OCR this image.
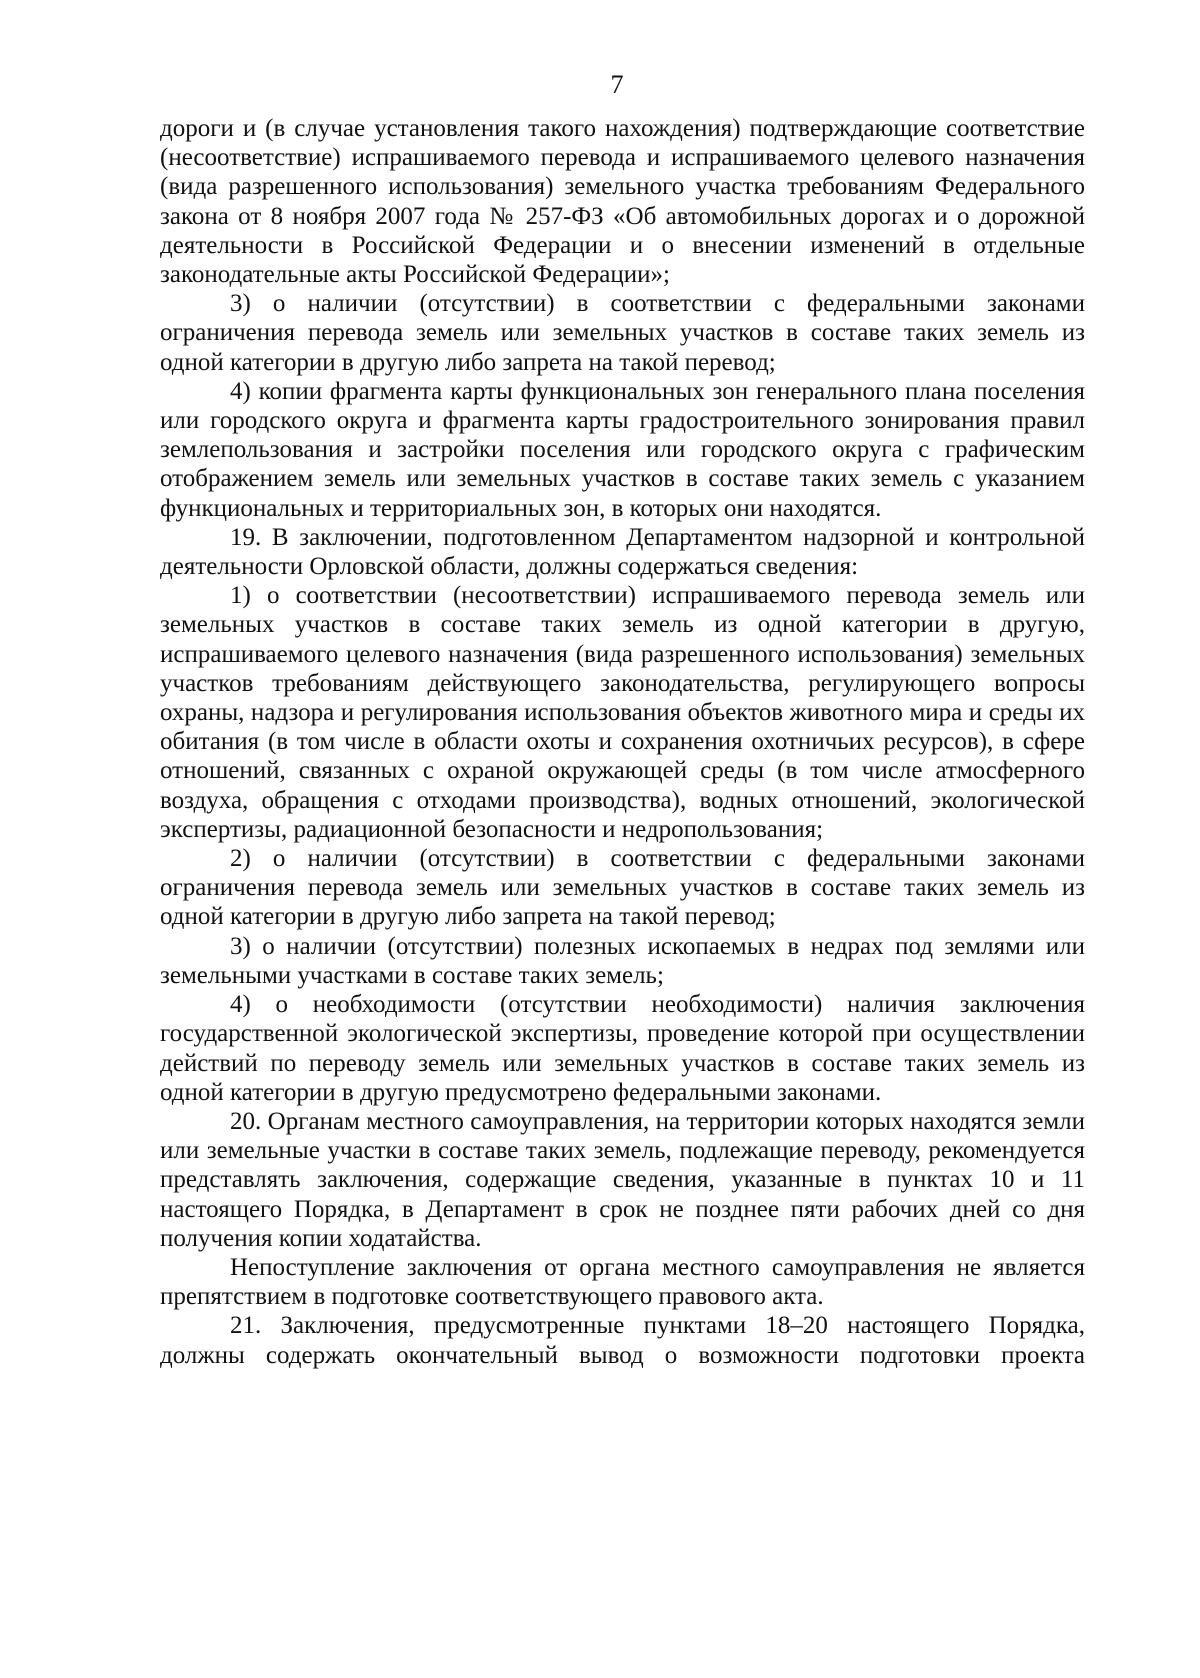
7

дороги и (в случае установления такого нахождения) подтверждающие соответствие (несоответствие) испрашиваемого перевода и испрашиваемого целевого назначения (вида разрешенного использования) земельного участка требованиям Федерального закона от 8 ноября 2007 года № 257-ФЗ «Об автомобильных дорогах и о дорожной деятельности в Российской Федерации и о внесении изменений в отдельные законодательные акты Российской Федерации»;

3) о наличии (отсутствии) в соответствии с федеральными законами ограничения перевода земель или земельных участков в составе таких земель из одной категории в другую либо запрета на такой перевод;

4) копии фрагмента карты функциональных зон генерального плана поселения или городского округа и фрагмента карты градостроительного зонирования правил землепользования и застройки поселения или городского округа с графическим отображением земель или земельных участков в составе таких земель с указанием функциональных и территориальных зон, в которых они находятся.

19. В заключении, подготовленном Департаментом надзорной и контрольной деятельности Орловской области, должны содержаться сведения:

1) о соответствии (несоответствии) испрашиваемого перевода земель или земельных участков в составе таких земель из одной категории в другую, испрашиваемого целевого назначения (вида разрешенного использования) земельных участков требованиям действующего законодательства, регулирующего вопросы охраны, надзора и регулирования использования объектов животного мира и среды их обитания (в том числе в области охоты и сохранения охотничьих ресурсов), в сфере отношений, связанных с охраной окружающей среды (в том числе атмосферного воздуха, обращения с отходами производства), водных отношений, экологической экспертизы, радиационной безопасности и недропользования;

2) о наличии (отсутствии) в соответствии с федеральными законами ограничения перевода земель или земельных участков в составе таких земель из одной категории в другую либо запрета на такой перевод;

3) о наличии (отсутствии) полезных ископаемых в недрах под землями или земельными участками в составе таких земель;

4) о необходимости (отсутствии необходимости) наличия заключения государственной экологической экспертизы, проведение которой при осуществлении действий по переводу земель или земельных участков в составе таких земель из одной категории в другую предусмотрено федеральными законами.

20. Органам местного самоуправления, на территории которых находятся земли или земельные участки в составе таких земель, подлежащие переводу, рекомендуется представлять заключения, содержащие сведения, указанные в пунктах 10 и 11 настоящего Порядка, в Департамент в срок не позднее пяти рабочих дней со дня получения копии ходатайства.

Непоступление заключения от органа местного самоуправления не является препятствием в подготовке соответствующего правового акта.

21. Заключения, предусмотренные пунктами 18–20 настоящего Порядка, должны содержать окончательный вывод о возможности подготовки проекта
